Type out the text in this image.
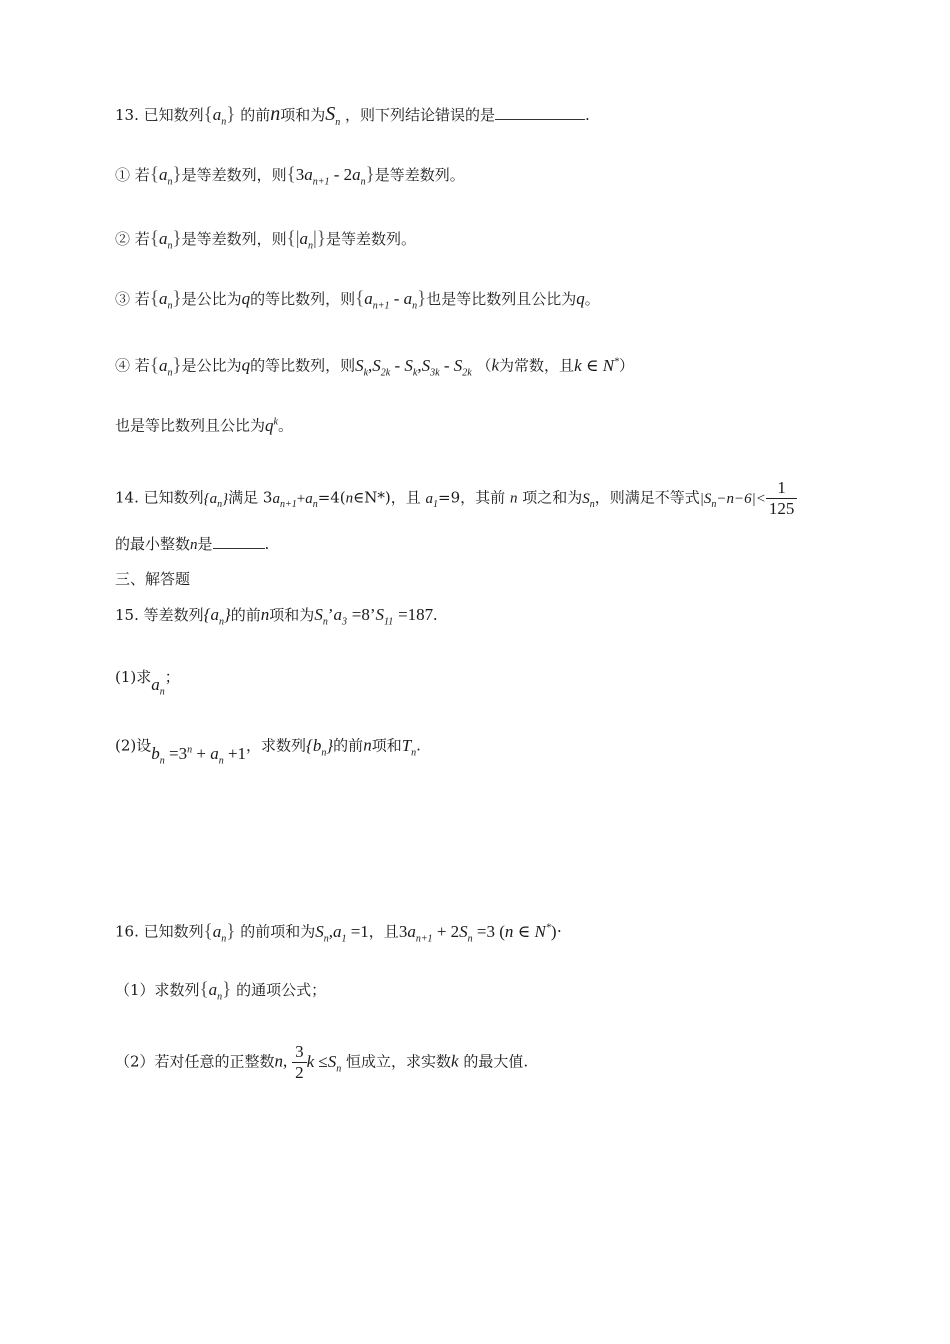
13. 已知数列$\{a_n\}$ 的前n项和为$S_n$ ，则下列结论错误的是	.
① 若$\{a_n\}$是等差数列，则$\{3a_{n+1} - 2a_n\}$是等差数列。
② 若$\{a_n\}$是等差数列，则$\{|a_n|\}$是等差数列。
③ 若$\{a_n\}$是公比为q的等比数列，则$\{a_{n+1} - a_n\}$也是等比数列且公比为q。
④ 若$\{a_n\}$是公比为q的等比数列，则$S_k,S_{2k} - S_k,S_{3k} - S_{2k}$ （k为常数，且k ∈ N*）
也是等比数列且公比为$q^k$。
14. 已知数列$\{a_n\}$满足 $3a_{n+1}+a_n=4(n\in N*)$，且 $a_1=9$，其前 n 项之和为$S_n$，则满足不等式$|S_n-n-6|< \frac{1}{125}$
的最小整数n是	.
三、解答题
15. 等差数列$\{a_n\}$的前n项和为$S_n’a_3$ $=8’S_{11} =187$.
(1)求$a_n$；
(2)设$b_n =3^n + a_n +1$，求数列$\{b_n\}$的前n项和$T_n$.
16. 已知数列$\{a_n\}$ 的前项和为$S_n,a_1 =1$，且$3a_{n+1} + 2S_n =3$ (n ∈ N*)·
（1）求数列$\{a_n\}$ 的通项公式；
（2）若对任意的正整数n, $\frac{3}{2}$ $k \le S_n$ 恒成立，求实数k 的最大值.
